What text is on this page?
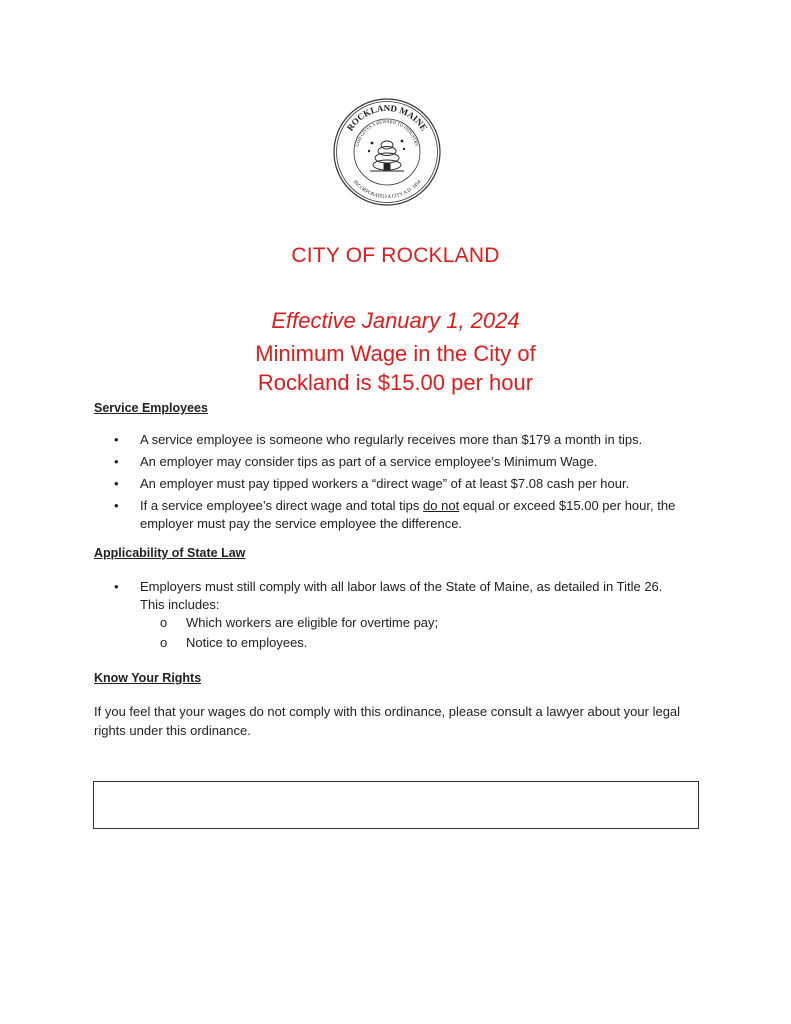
ROCKLAND MAINE
GOD GIVES A REWARD TO INDUSTRY
INCORPORATED A CITY A.D. 1854
CITY OF ROCKLAND
Effective January 1, 2024
Minimum Wage in the City of
Rockland is $15.00 per hour
Service Employees
• A service employee is someone who regularly receives more than $179 a month in tips.
• An employer may consider tips as part of a service employee’s Minimum Wage.
• An employer must pay tipped workers a “direct wage” of at least $7.08 cash per hour.
• If a service employee’s direct wage and total tips do not equal or exceed $15.00 per hour, the employer must pay the service employee the difference.
Applicability of State Law
• Employers must still comply with all labor laws of the State of Maine, as detailed in Title 26. This includes:
o Which workers are eligible for overtime pay;
o Notice to employees.
Know Your Rights
If you feel that your wages do not comply with this ordinance, please consult a lawyer about your legal rights under this ordinance.
